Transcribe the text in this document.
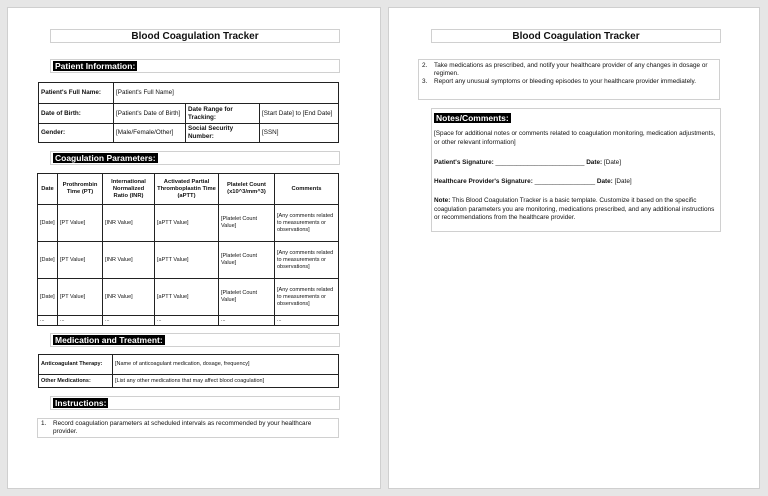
Blood Coagulation Tracker
Patient Information:
Patient's Full Name:	[Patient's Full Name]		
Date of Birth:	[Patient's Date of Birth]	Date Range for Tracking:	[Start Date] to [End Date]
Gender:	[Male/Female/Other]	Social Security Number:	[SSN]
Coagulation Parameters:
Date	Prothrombin Time (PT)	International Normalized Ratio (INR)	Activated Partial Thromboplastin Time (aPTT)	Platelet Count (x10^3/mm^3)	Comments
[Date]	[PT Value]	[INR Value]	[aPTT Value]	[Platelet Count Value]	[Any comments related to measurements or observations]
[Date]	[PT Value]	[INR Value]	[aPTT Value]	[Platelet Count Value]	[Any comments related to measurements or observations]
[Date]	[PT Value]	[INR Value]	[aPTT Value]	[Platelet Count Value]	[Any comments related to measurements or observations]
...	...	...	...	...	...
Medication and Treatment:
Anticoagulant Therapy:	[Name of anticoagulant medication, dosage, frequency]
Other Medications:	[List any other medications that may affect blood coagulation]
Instructions:
1.	Record coagulation parameters at scheduled intervals as recommended by your healthcare provider.
Blood Coagulation Tracker
2.	Take medications as prescribed, and notify your healthcare provider of any changes in dosage or regimen.
3.	Report any unusual symptoms or bleeding episodes to your healthcare provider immediately.
Notes/Comments:
[Space for additional notes or comments related to coagulation monitoring, medication adjustments, or other relevant information]
Patient's Signature: _________________________ Date: [Date]
Healthcare Provider's Signature: _________________ Date: [Date]
Note: This Blood Coagulation Tracker is a basic template. Customize it based on the specific coagulation parameters you are monitoring, medications prescribed, and any additional instructions or recommendations from the healthcare provider.
